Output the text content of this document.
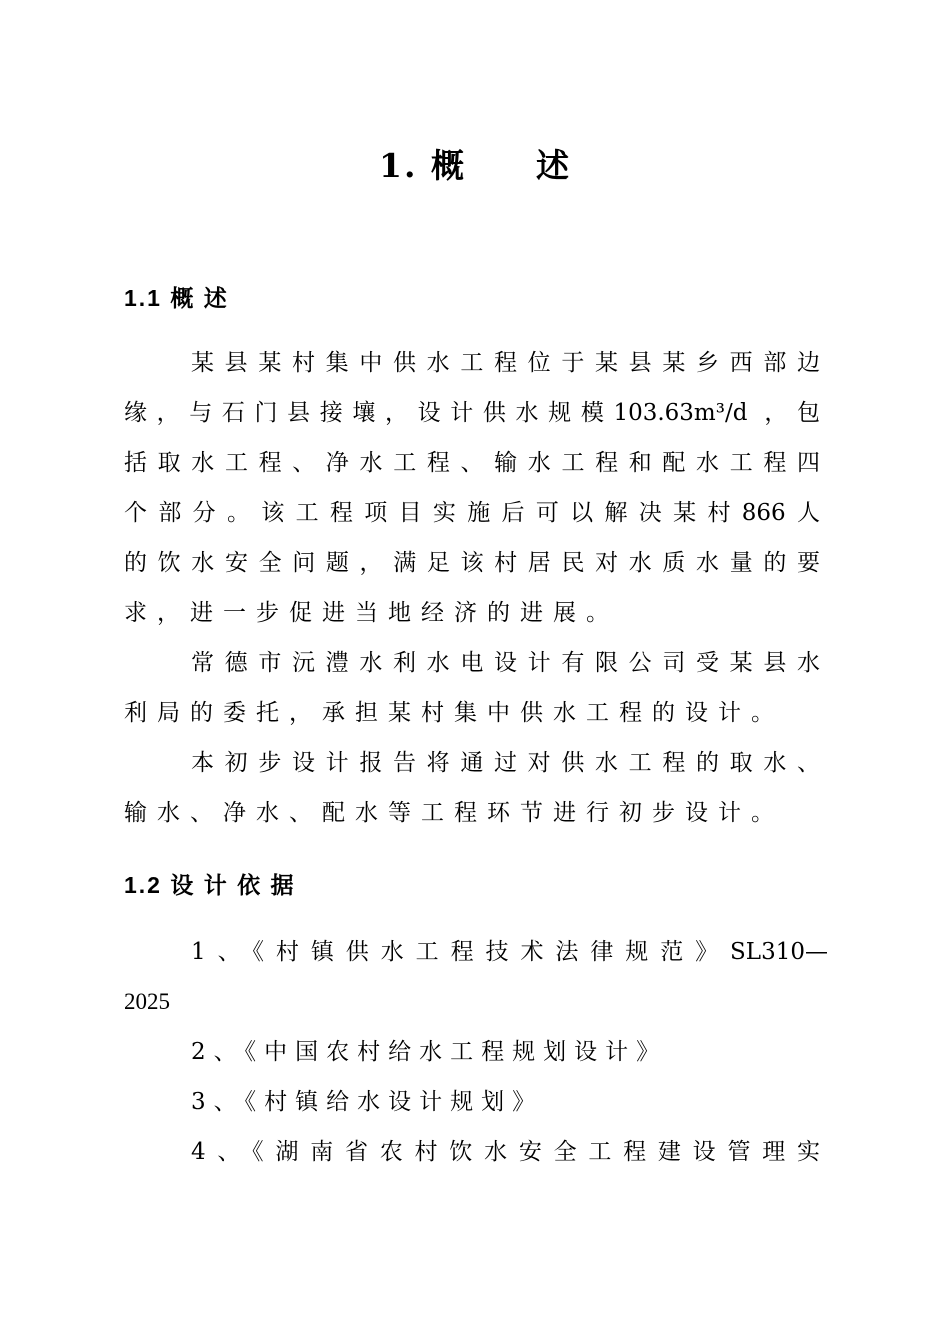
1. 概　　述
1.1 概 述
某县某村集中供水工程位于某县某乡西部边
缘，与石门县接壤，设计供水规模103.63m³/d ，包
括取水工程、净水工程、输水工程和配水工程四
个部分。该工程项目实施后可以解决某村866人
的饮水安全问题，满足该村居民对水质水量的要
求，进一步促进当地经济的进展。
常德市沅澧水利水电设计有限公司受某县水
利局的委托，承担某村集中供水工程的设计。
本初步设计报告将通过对供水工程的取水、
输水、净水、配水等工程环节进行初步设计。
1.2 设 计 依 据
1、《村镇供水工程技术法律规范》SL310—
2025
2、《中国农村给水工程规划设计》
3、《村镇给水设计规划》
4、《湖南省农村饮水安全工程建设管理实
